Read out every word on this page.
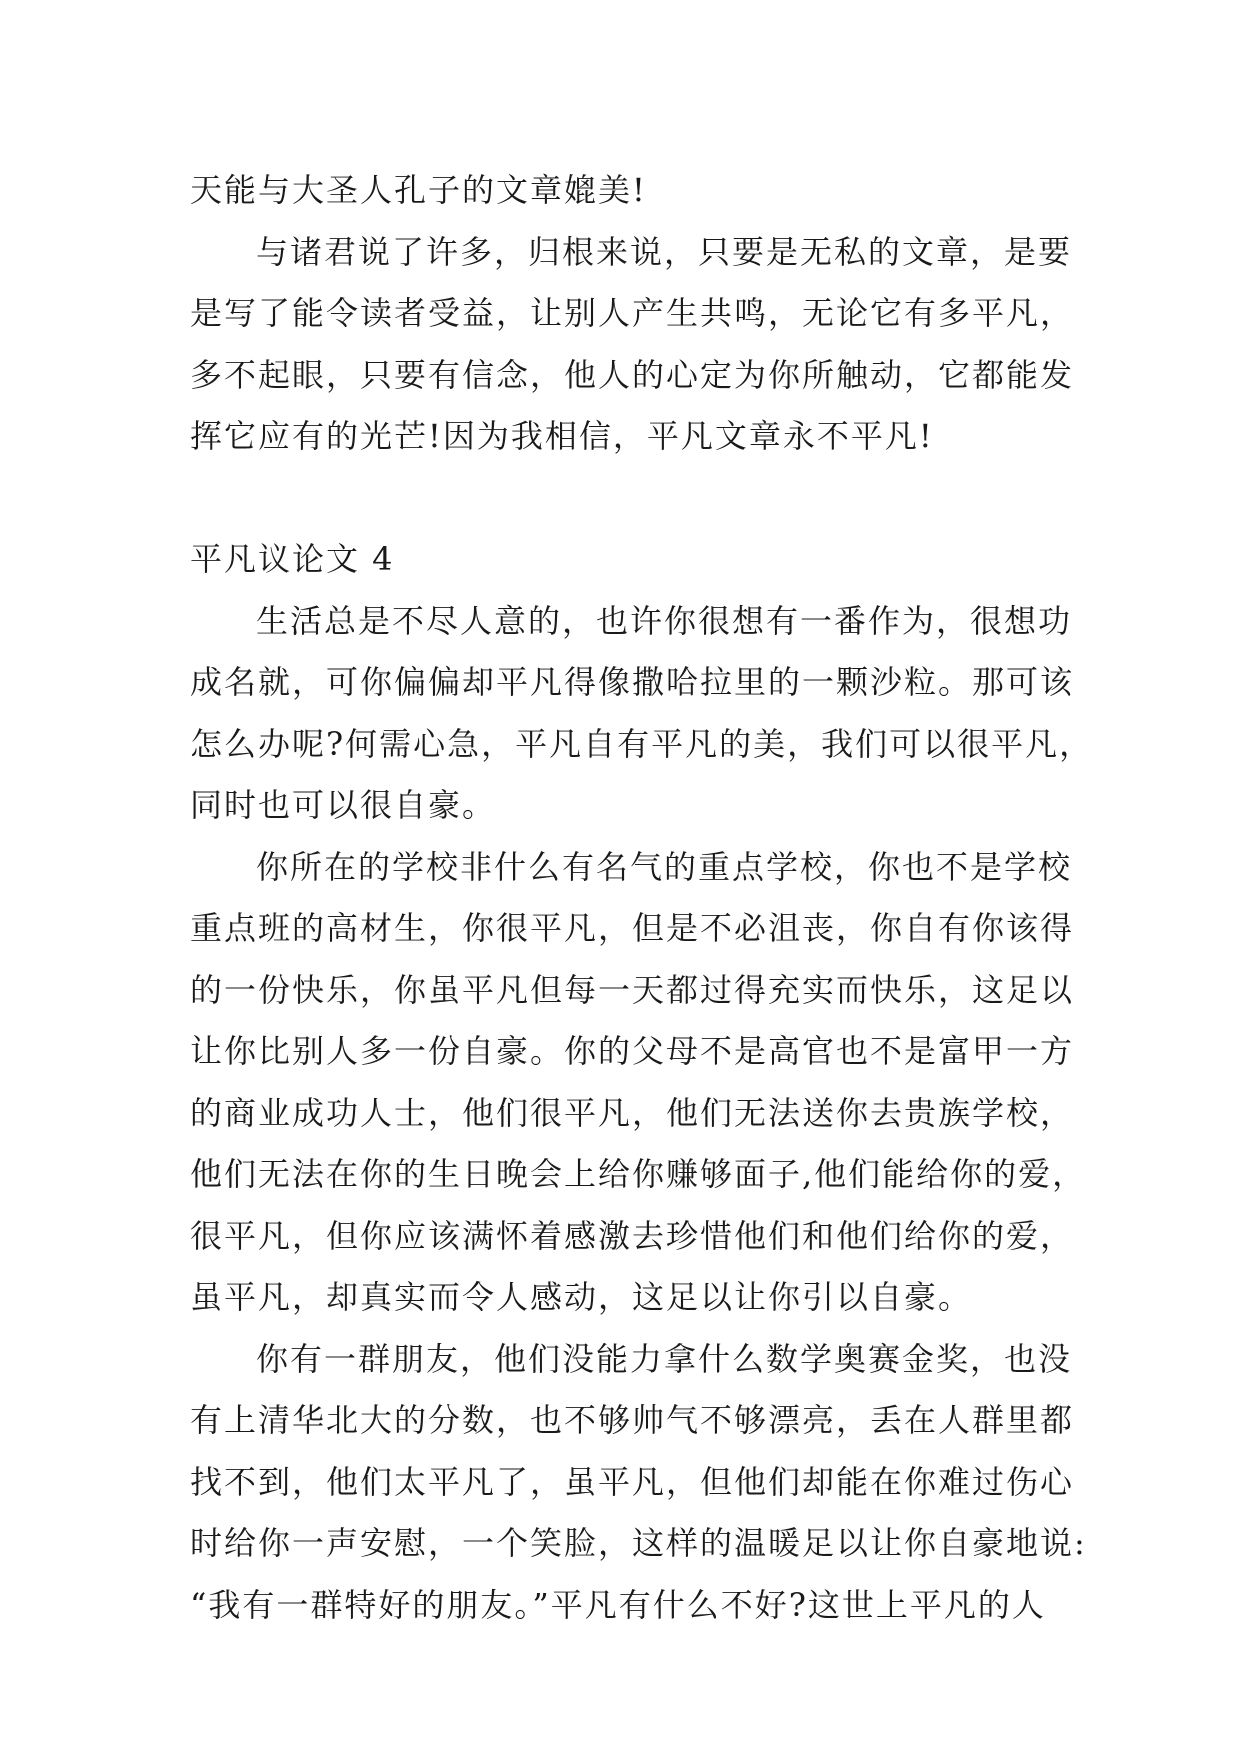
天能与大圣人孔子的文章媲美!
与诸君说了许多，归根来说，只要是无私的文章，是要
是写了能令读者受益，让别人产生共鸣，无论它有多平凡，
多不起眼，只要有信念，他人的心定为你所触动，它都能发
挥它应有的光芒!因为我相信，平凡文章永不平凡!
平凡议论文 4
生活总是不尽人意的，也许你很想有一番作为，很想功
成名就，可你偏偏却平凡得像撒哈拉里的一颗沙粒。那可该
怎么办呢?何需心急，平凡自有平凡的美，我们可以很平凡，
同时也可以很自豪。
你所在的学校非什么有名气的重点学校，你也不是学校
重点班的高材生，你很平凡，但是不必沮丧，你自有你该得
的一份快乐，你虽平凡但每一天都过得充实而快乐，这足以
让你比别人多一份自豪。你的父母不是高官也不是富甲一方
的商业成功人士，他们很平凡，他们无法送你去贵族学校，
他们无法在你的生日晚会上给你赚够面子,他们能给你的爱，
很平凡，但你应该满怀着感激去珍惜他们和他们给你的爱，
虽平凡，却真实而令人感动，这足以让你引以自豪。
你有一群朋友，他们没能力拿什么数学奥赛金奖，也没
有上清华北大的分数，也不够帅气不够漂亮，丢在人群里都
找不到，他们太平凡了，虽平凡，但他们却能在你难过伤心
时给你一声安慰，一个笑脸，这样的温暖足以让你自豪地说:
“我有一群特好的朋友。”平凡有什么不好?这世上平凡的人
